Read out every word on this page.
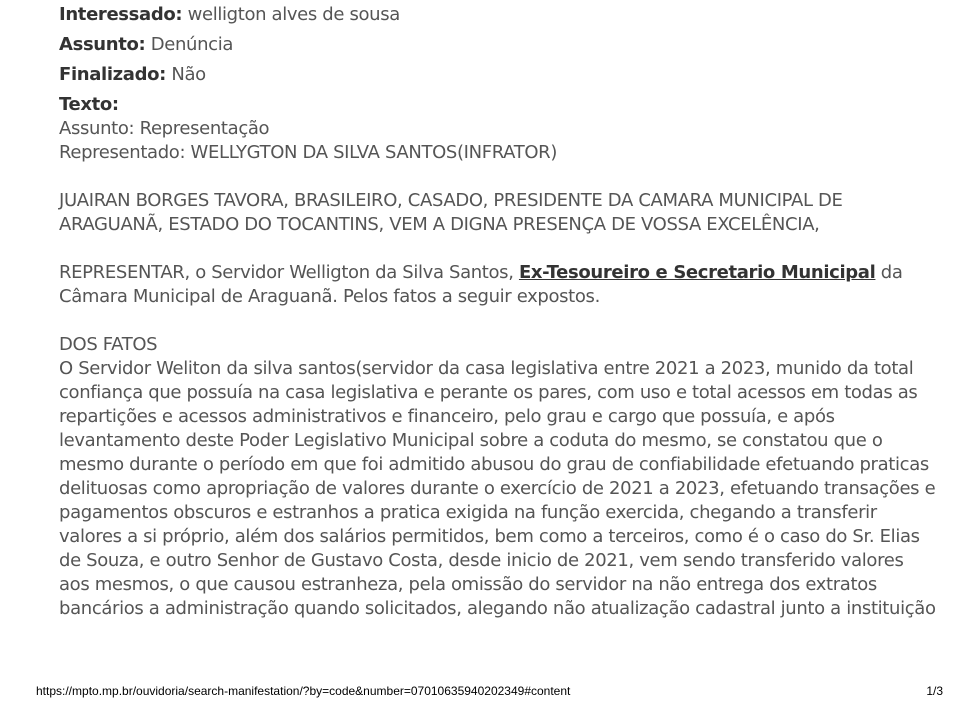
Interessado: welligton alves de sousa

Assunto: Denúncia

Finalizado: Não

Texto:

Assunto: Representação

Representado: WELLYGTON DA SILVA SANTOS(INFRATOR)

JUAIRAN BORGES TAVORA, BRASILEIRO, CASADO, PRESIDENTE DA CAMARA MUNICIPAL DE ARAGUANÃ, ESTADO DO TOCANTINS, VEM A DIGNA PRESENÇA DE VOSSA EXCELÊNCIA,

REPRESENTAR, o Servidor Welligton da Silva Santos, Ex-Tesoureiro e Secretario Municipal da Câmara Municipal de Araguanã. Pelos fatos a seguir expostos.

DOS FATOS

O Servidor Weliton da silva santos(servidor da casa legislativa entre 2021 a 2023, munido da total confiança que possuía na casa legislativa e perante os pares, com uso e total acessos em todas as repartições e acessos administrativos e financeiro, pelo grau e cargo que possuía, e após levantamento deste Poder Legislativo Municipal sobre a coduta do mesmo, se constatou que o mesmo durante o período em que foi admitido abusou do grau de confiabilidade efetuando praticas delituosas como apropriação de valores durante o exercício de 2021 a 2023, efetuando transações e pagamentos obscuros e estranhos a pratica exigida na função exercida, chegando a transferir valores a si próprio, além dos salários permitidos, bem como a terceiros, como é o caso do Sr. Elias de Souza, e outro Senhor de Gustavo Costa, desde inicio de 2021, vem sendo transferido valores aos mesmos, o que causou estranheza, pela omissão do servidor na não entrega dos extratos bancários a administração quando solicitados, alegando não atualização cadastral junto a instituição

https://mpto.mp.br/ouvidoria/search-manifestation/?by=code&number=07010635940202349#content	1/3
